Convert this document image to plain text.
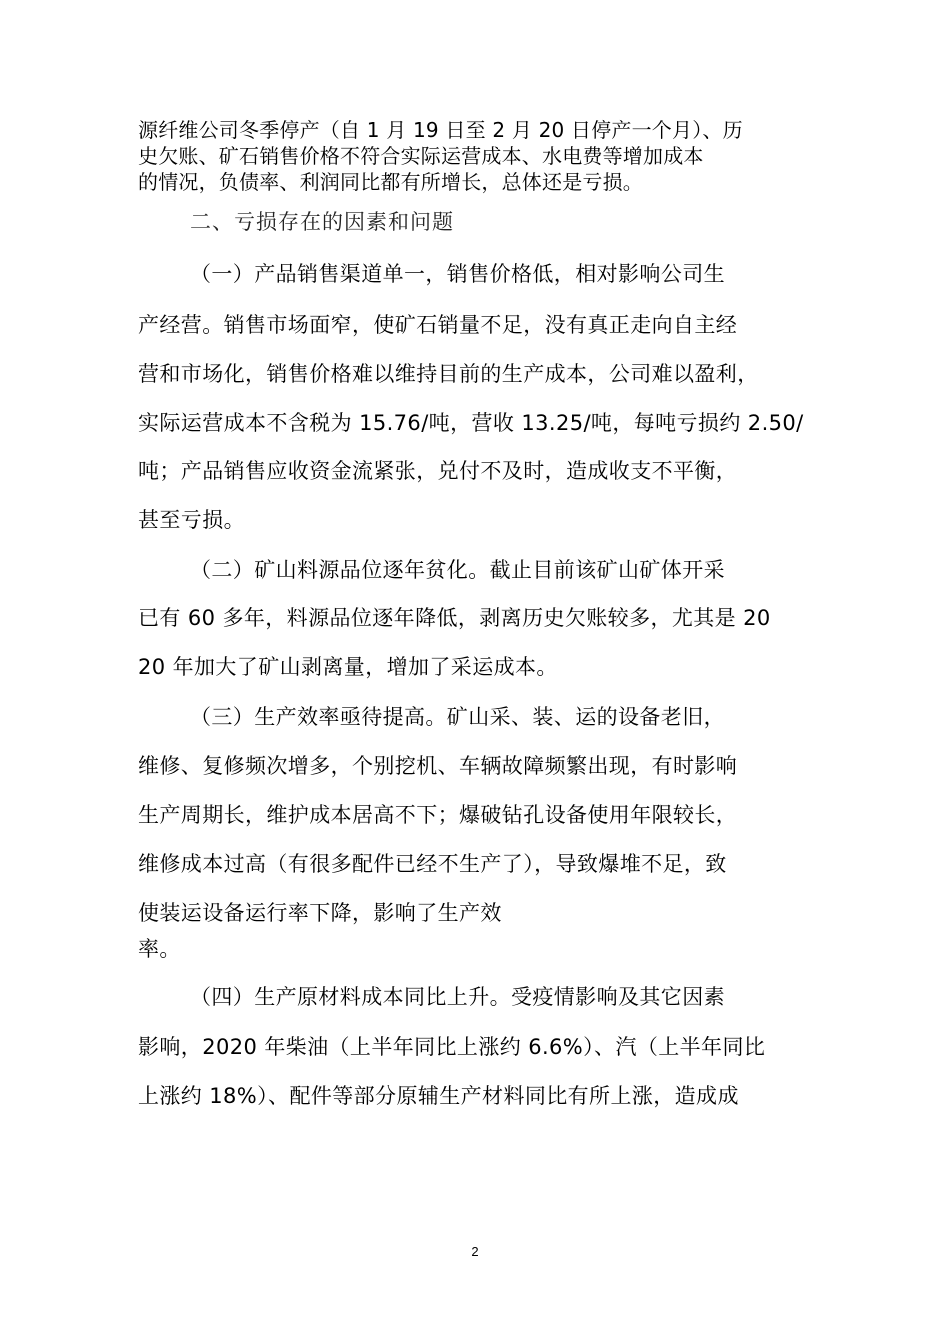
源纤维公司冬季停产（自 1 月 19 日至 2 月 20 日停产一个月）、历
史欠账、矿石销售价格不符合实际运营成本、水电费等增加成本
的情况，负债率、利润同比都有所增长，总体还是亏损。
二、亏损存在的因素和问题
（一）产品销售渠道单一，销售价格低，相对影响公司生
产经营。销售市场面窄，使矿石销量不足，没有真正走向自主经
营和市场化，销售价格难以维持目前的生产成本，公司难以盈利，
实际运营成本不含税为 15.76/吨，营收 13.25/吨，每吨亏损约 2.50/
吨；产品销售应收资金流紧张，兑付不及时，造成收支不平衡，
甚至亏损。
（二）矿山料源品位逐年贫化。截止目前该矿山矿体开采
已有 60 多年，料源品位逐年降低，剥离历史欠账较多，尤其是 20
20 年加大了矿山剥离量，增加了采运成本。
（三）生产效率亟待提高。矿山采、装、运的设备老旧，
维修、复修频次增多，个别挖机、车辆故障频繁出现，有时影响
生产周期长，维护成本居高不下；爆破钻孔设备使用年限较长，
维修成本过高（有很多配件已经不生产了），导致爆堆不足，致
使装运设备运行率下降，影响了生产效
率。
（四）生产原材料成本同比上升。受疫情影响及其它因素
影响，2020 年柴油（上半年同比上涨约 6.6%）、汽（上半年同比
上涨约 18%）、配件等部分原辅生产材料同比有所上涨，造成成
2
